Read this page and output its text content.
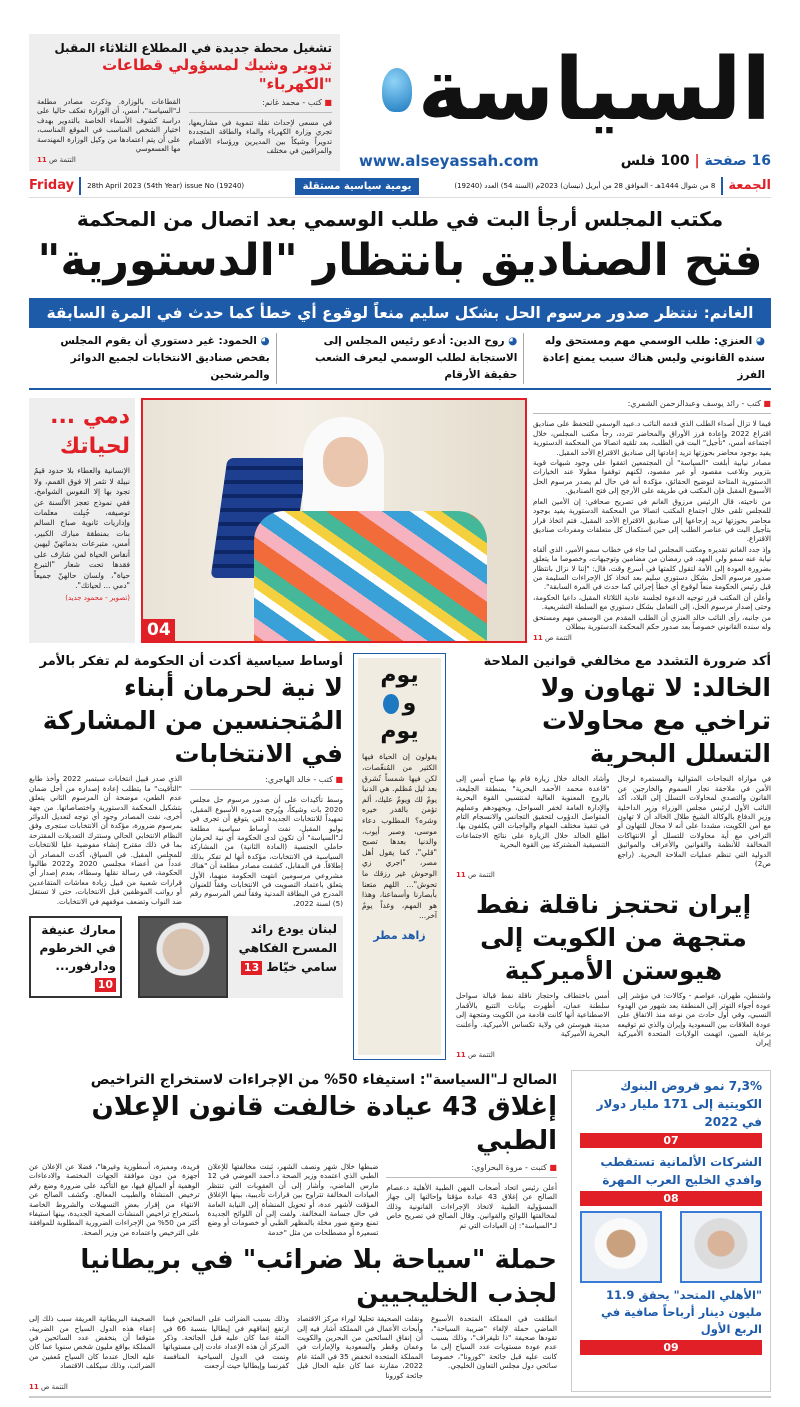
تشغيل محطة جديدة في المطلاع الثلاثاء المقبل
تدوير وشيك لمسؤولي قطاعات "الكهرباء"
■ كتب - محمد غانم:
في مسعى لإحداث نقلة تنموية في مشاريعها، تجري وزارة الكهرباء والماء والطاقة المتجددة تدويراً وشيكاً بين المديرين ورؤساء الأقسام والمراقبين في مختلف
القطاعات بالوزارة. وذكرت مصادر مطلعة لـ"السياسة"، أمس، أن الوزارة تعكف حاليا على دراسة كشوف الأسماء الخاصة بالتدوير بهدف اختيار الشخص المناسب في الموقع المناسب، على أن يتم اعتمادها من وكيل الوزارة المهندسة مها العسعوسي
التتمة ص 11
السياسة
www.alseyassah.com	16 صفحة | 100 فلس
Friday	28th April 2023 (54th Year) issue No (19240)	يومية سياسية مستقلة	8 من شوال 1444هـ - الموافق 28 من أبريل (نيسان) 2023م (السنة 54) العدد (19240)	الجمعة
مكتب المجلس أرجأ البت في طلب الوسمي بعد اتصال من المحكمة
فتح الصناديق بانتظار "الدستورية"
الغانم: ننتظر صدور مرسوم الحل بشكل سليم منعاً لوقوع أي خطأ كما حدث في المرة السابقة
◕ العنزي: طلب الوسمي مهم ومستحق وله سنده القانوني وليس هناك سبب يمنع إعادة الفرز
◕ روح الدين: أدعو رئيس المجلس إلى الاستجابة لطلب الوسمي ليعرف الشعب حقيقة الأرقام
◕ الحمود: غير دستوري أن يقوم المجلس بفحص صناديق الانتخابات لجميع الدوائر والمرشحين
دمي ... لحياتك
الإنسانية والعطاء بلا حدود قيمٌ نبيلة لا تثمر إلا فوق القمم، ولا تجود بها إلا النفوس الشوامخ، ففي نموذج تعجز الألسنة عن توصيفه، جُبِلت معلمات وإداريات ثانوية صباح السالم بنات بمنطقة مبارك الكبير، أمس، متبرعات بدمائهنّ ليهبن أنفاس الحياة لمن شارف على فقدها تحت شعار "التبرع حياة"، ولسان حالهنّ جميعاً "دمي ... لحياتك".
(تصوير - محمود جديد)
04
■ كتب - رائد يوسف وعبدالرحمن الشمري:

فيما لا تزال أصداء الطلب الذي قدمه النائب د.عبيد الوسمي للتحفظ على صناديق اقتراع 2022 وإعادة فرز الأوراق والمحاضر تتردد، رجأ مكتب المجلس، خلال اجتماعه أمس، "تأجيل" البت في الطلب، بعد تلقيه اتصالا من المحكمة الدستورية يفيد بوجود محاضر بحوزتها تريد إعادتها إلى صناديق الاقتراع الأحد المقبل.

مصادر نيابية أبلغت "السياسة" أن المجتمعين اتفقوا على وجود شبهات قوية بتزوير وتلاعب مقصود أو غير مقصود، لكنهم توقفوا مطولا عند الخيارات الدستورية المتاحة لتوضيح الحقائق، مؤكدة أنه في حال لم يصدر مرسوم الحل الأسبوع المقبل فإن المكتب في طريقه على الأرجح إلى فتح الصناديق.

من ناحيته، قال الرئيس مرزوق الغانم في تصريح صحافي: إن الأمين العام للمجلس تلقى خلال اجتماع المكتب اتصالا من المحكمة الدستورية يفيد بوجود محاضر بحوزتها تريد إرجاعها إلى صناديق الاقتراع الأحد المقبل، فتم اتخاذ قرار بتأجيل البت في عناصر الطلب إلى حين استكمال كل متعلقات ومفردات صناديق الاقتراع.

وإذ جدد الغانم تقديره ومكتب المجلس لما جاء في خطاب سمو الأمير، الذي ألقاه نيابة عنه سمو ولي العهد، في رمضان من مضامين وتوجيهات، وخصوصا ما يتعلق بضرورة العودة إلى الأمة لتقول كلمتها في أسرع وقت، قال: "إننا لا نزال بانتظار صدور مرسوم الحل بشكل دستوري سليم بعد اتخاذ كل الإجراءات السليمة من قبل رئيس الحكومة منعاً لوقوع أي خطأ إجرائي كما حدث في المرة السابقة".

وأعلن أن المكتب قرر توجيه الدعوة لجلسة عادية الثلاثاء المقبل، داعيا الحكومة، وحتى إصدار مرسوم الحل، إلى التعامل بشكل دستوري مع السلطة التشريعية.

من جانبه، رأى النائب خالد العنزي أن الطلب المقدم من الوسمي مهم ومستحق وله سنده القانوني خصوصاً بعد صدور حكم المحكمة الدستورية ببطلان

التتمة ص 11
أوساط سياسية أكدت أن الحكومة لم تفكر بالأمر
لا نية لحرمان أبناء المُتجنسين من المشاركة في الانتخابات
■ كتب - خالد الهاجري:
وسط تأكيدات على أن صدور مرسوم حل مجلس 2020 بات وشيكاً، ويُرجح صدوره الأسبوع المقبل، تمهيداً للانتخابات الجديدة التي يتوقع أن تجرى في يوليو المقبل، نفت أوساط سياسية مطلعة لـ"السياسة" أن تكون لدى الحكومة أي نية لحرمان حاملي الجنسية (المادة الثانية) من المشاركة السياسية في الانتخابات، مؤكدة أنها لم تفكر بذلك إطلاقاً. في المقابل، كشفت مصادر مطلعة أن "هناك مشروعي مرسومين انتهت الحكومة منهما، الأول يتعلق باعتماد التصويت في الانتخابات وفقاً للعنوان المدرج في البطاقة المدنية وفقاً لنص المرسوم رقم (5) لسنة 2022،
الذي صدر قبيل انتخابات سبتمبر 2022 وأخذ طابع "التأقيت" ما يتطلب إعادة إصداره من أجل ضمان عدم الطعن، موضحة أن المرسوم الثاني يتعلق بتشكيل المحكمة الدستورية واختصاصاتها. من جهة أخرى، نفت المصادر وجود أي توجه لتعديل الدوائر بمرسوم ضرورة، مؤكدة أن الانتخابات ستجرى وفق النظام الانتخابي الحالي وستترك التعديلات المقترحة بما في ذلك مقترح إنشاء مفوضية عليا للانتخابات للمجلس المقبل. في السياق، أكدت المصادر أن عدداً من أعضاء مجلسي 2020 و2022 طالبوا الحكومة، في رسالة نقلها وسطاء، بعدم إصدار أي قرارات شعبية من قبيل زيادة معاشات المتقاعدين أو رواتب الموظفين قبل الانتخابات، حتى لا تستغل ضد النواب وتضعف موقفهم في الانتخابات.
معارك عنيفة في الخرطوم ودارفور... 10
لبنان يودع رائد المسرح الفكاهي سامي خيّاط 13
يوم
و
يوم
يقولون إن الحياة فيها الكثير من المُنغّصات، لكن فيها شمساً تُشرق بعد ليل مُظلم. هي الدنيا يومٌ لك ويومٌ عليك، ألم تؤمن بالقدر خيره وشره؟ المطلوب دعاء موسى، وصبر أيوب، والدنيا بعدها تصبح "قلي"، كما يقول أهل مصر، "اجري زي الوحوش غير رزقك ما تحوش"... اللهم متعنا بأبصارنا وأسماعنا، وهذا هو المهم، وغداً يومٌ آخر...
زاهد مطر
أكد ضرورة التشدد مع مخالفي قوانين الملاحة
الخالد: لا تهاون ولا تراخي مع محاولات التسلل البحرية
في موازاة النجاحات المتوالية والمستمرة لرجال الأمن في ملاحقة تجار السموم والخارجين عن القانون والتصدي لمحاولات التسلل إلى البلاد، أكد النائب الأول لرئيس مجلس الوزراء وزير الداخلية وزير الدفاع بالوكالة الشيخ طلال الخالد أن لا تهاون مع أمن الكويت، مشددا على أنه لا مجال للتهاون أو التراخي مع أية محاولات للتسلل أو الانتهاكات المخالفة للأنظمة والقوانين والأعراف والمواثيق الدولية التي تنظم عمليات الملاحة البحرية. (راجع ص2)
وأشاد الخالد خلال زيارة قام بها صباح أمس إلى "قاعدة محمد الأحمد البحرية" بمنطقة الجليعة، بالروح المعنوية العالية لمنتسبي القوة البحرية والإدارة العامة لخفر السواحل، وبجهودهم وعملهم المتواصل الدؤوب لتحقيق التجانس والانسجام التام في تنفيذ مختلف المهام والواجبات التي يكلفون بها. اطلع الخالد خلال الزيارة على نتائج الاجتماعات التنسيقية المشتركة بين القوة البحرية
التتمة ص 11
إيران تحتجز ناقلة نفط متجهة من الكويت إلى هيوستن الأميركية
واشنطن، طهران، عواصم - وكالات: في مؤشر إلى عودة أجواء التوتر إلى المنطقة بعد شهور من الهدوء النسبي، وفي أول حادث من نوعه منذ الاتفاق على عودة العلاقات بين السعودية وإيران والذي تم توقيعه برعاية الصين، اتهمت الولايات المتحدة الأميركية إيران
أمس باختطاف واحتجاز ناقلة نفط قبالة سواحل سلطنة عمان، أظهرت بيانات التتبع بالأقمار الاصطناعية أنها كانت قادمة من الكويت ومتجهة إلى مدينة هيوستن في ولاية تكساس الأميركية. وأعلنت البحرية الأميركية
التتمة ص 11
الصالح لـ"السياسة": استيفاء 50% من الإجراءات لاستخراج التراخيص
إغلاق 43 عيادة خالفت قانون الإعلان الطبي
■ كتبت - مروة البحراوي:
أعلن رئيس اتحاد أصحاب المهن الطبية الأهلية د.عصام الصالح عن إغلاق 43 عيادة مؤقتا وإحالتها إلى جهاز المسؤولية الطبية لاتخاذ الإجراءات القانونية وذلك لمخالفتها اللوائح والقوانين. وقال الصالح في تصريح خاص لـ"السياسة": إن العيادات التي تم
ضبطها خلال شهر ونصف الشهر، ثبتت مخالفتها للإعلان الطبي الذي اعتمده وزير الصحة د.أحمد العوضي في 12 مارس الماضي، وأشار إلى أن العقوبات التي تنتظر العيادات المخالفة تتراوح بين قرارات تأديبية، بينها الإغلاق المؤقت لأشهر عدة، أو تحويل المنشأة إلى النيابة العامة في حال جسامة المخالفة. ولفت إلى أن اللوائح الجديدة تمنع وضع صور مخلة بالمظهر الطبي أو خصومات أو وضع تسعيرة أو مصطلحات من مثل "خدمة
فريدة، ومميزة، أسطورية وغيرها"، فضلا عن الإعلان عن أجهزة من دون موافقة الجهات المختصة والادعاءات الوهمية أو المبالغ فيها، مع التأكيد على ضرورة وضع رقم ترخيص المنشأة والطبيب المعالج. وكشف الصالح عن الانتهاء من إقرار بعض التسهيلات والشروط الخاصة باستخراج تراخيص المنشآت الصحية الجديدة، بينها استيفاء أكثر من 50% من الإجراءات الضرورية المطلوبة للموافقة على الترخيص واعتماده من وزير الصحة.
حملة "سياحة بلا ضرائب" في بريطانيا لجذب الخليجيين
انطلقت في المملكة المتحدة الأسبوع الماضي حملة لإلغاء "ضريبة السياحة"، تقودها صحيفة "ذا تليغراف"، وذلك بسبب عدم عودة مستويات عدد السياح إلى ما كانت عليه قبل جائحة "كورونا"، خصوصا سائحي دول مجلس التعاون الخليجي.
ونقلت الصحيفة تحليلا لوراء مركز الاقتصاد وأبحاث الأعمال في المملكة أشار فيه إلى أن إنفاق السائحين من البحرين والكويت وعمان وقطر والسعودية والإمارات في المملكة المتحدة انخفض 35 في المئة عام 2022، مقارنة عما كان عليه الحال قبل جائحة كورونا
وذلك بسبب الضرائب على السائحين فيما ارتفع إنفاقهم في إيطاليا بنسبة 66 في المئة عما كان عليه قبل الجائحة. وذكر المركز أن هذه الإعداد عادت إلى مستوياتها ونمت في الدول السياحية المنافسة كفرنسا وإيطاليا حيث أرجعت
الصحيفة البريطانية العريقة سبب ذلك إلى إعفاء هذه الدول السياح من الضريبة، متوقعا أن ينخفض عدد السائحين في المملكة بواقع مليون شخص سنويا عما كان عليه الحال عندما كان السياح مُعفين من الضرائب، وذلك سيكلف الاقتصاد
التتمة ص 11
7,3% نمو قروض البنوك الكويتية إلى 171 مليار دولار في 2022
07
الشركات الألمانية تستقطب وافدي الخليج العرب المهرة
08
"الأهلي المتحد" يحقق 11.9 مليون دينار أرباحاً صافية في الربع الأول
09
